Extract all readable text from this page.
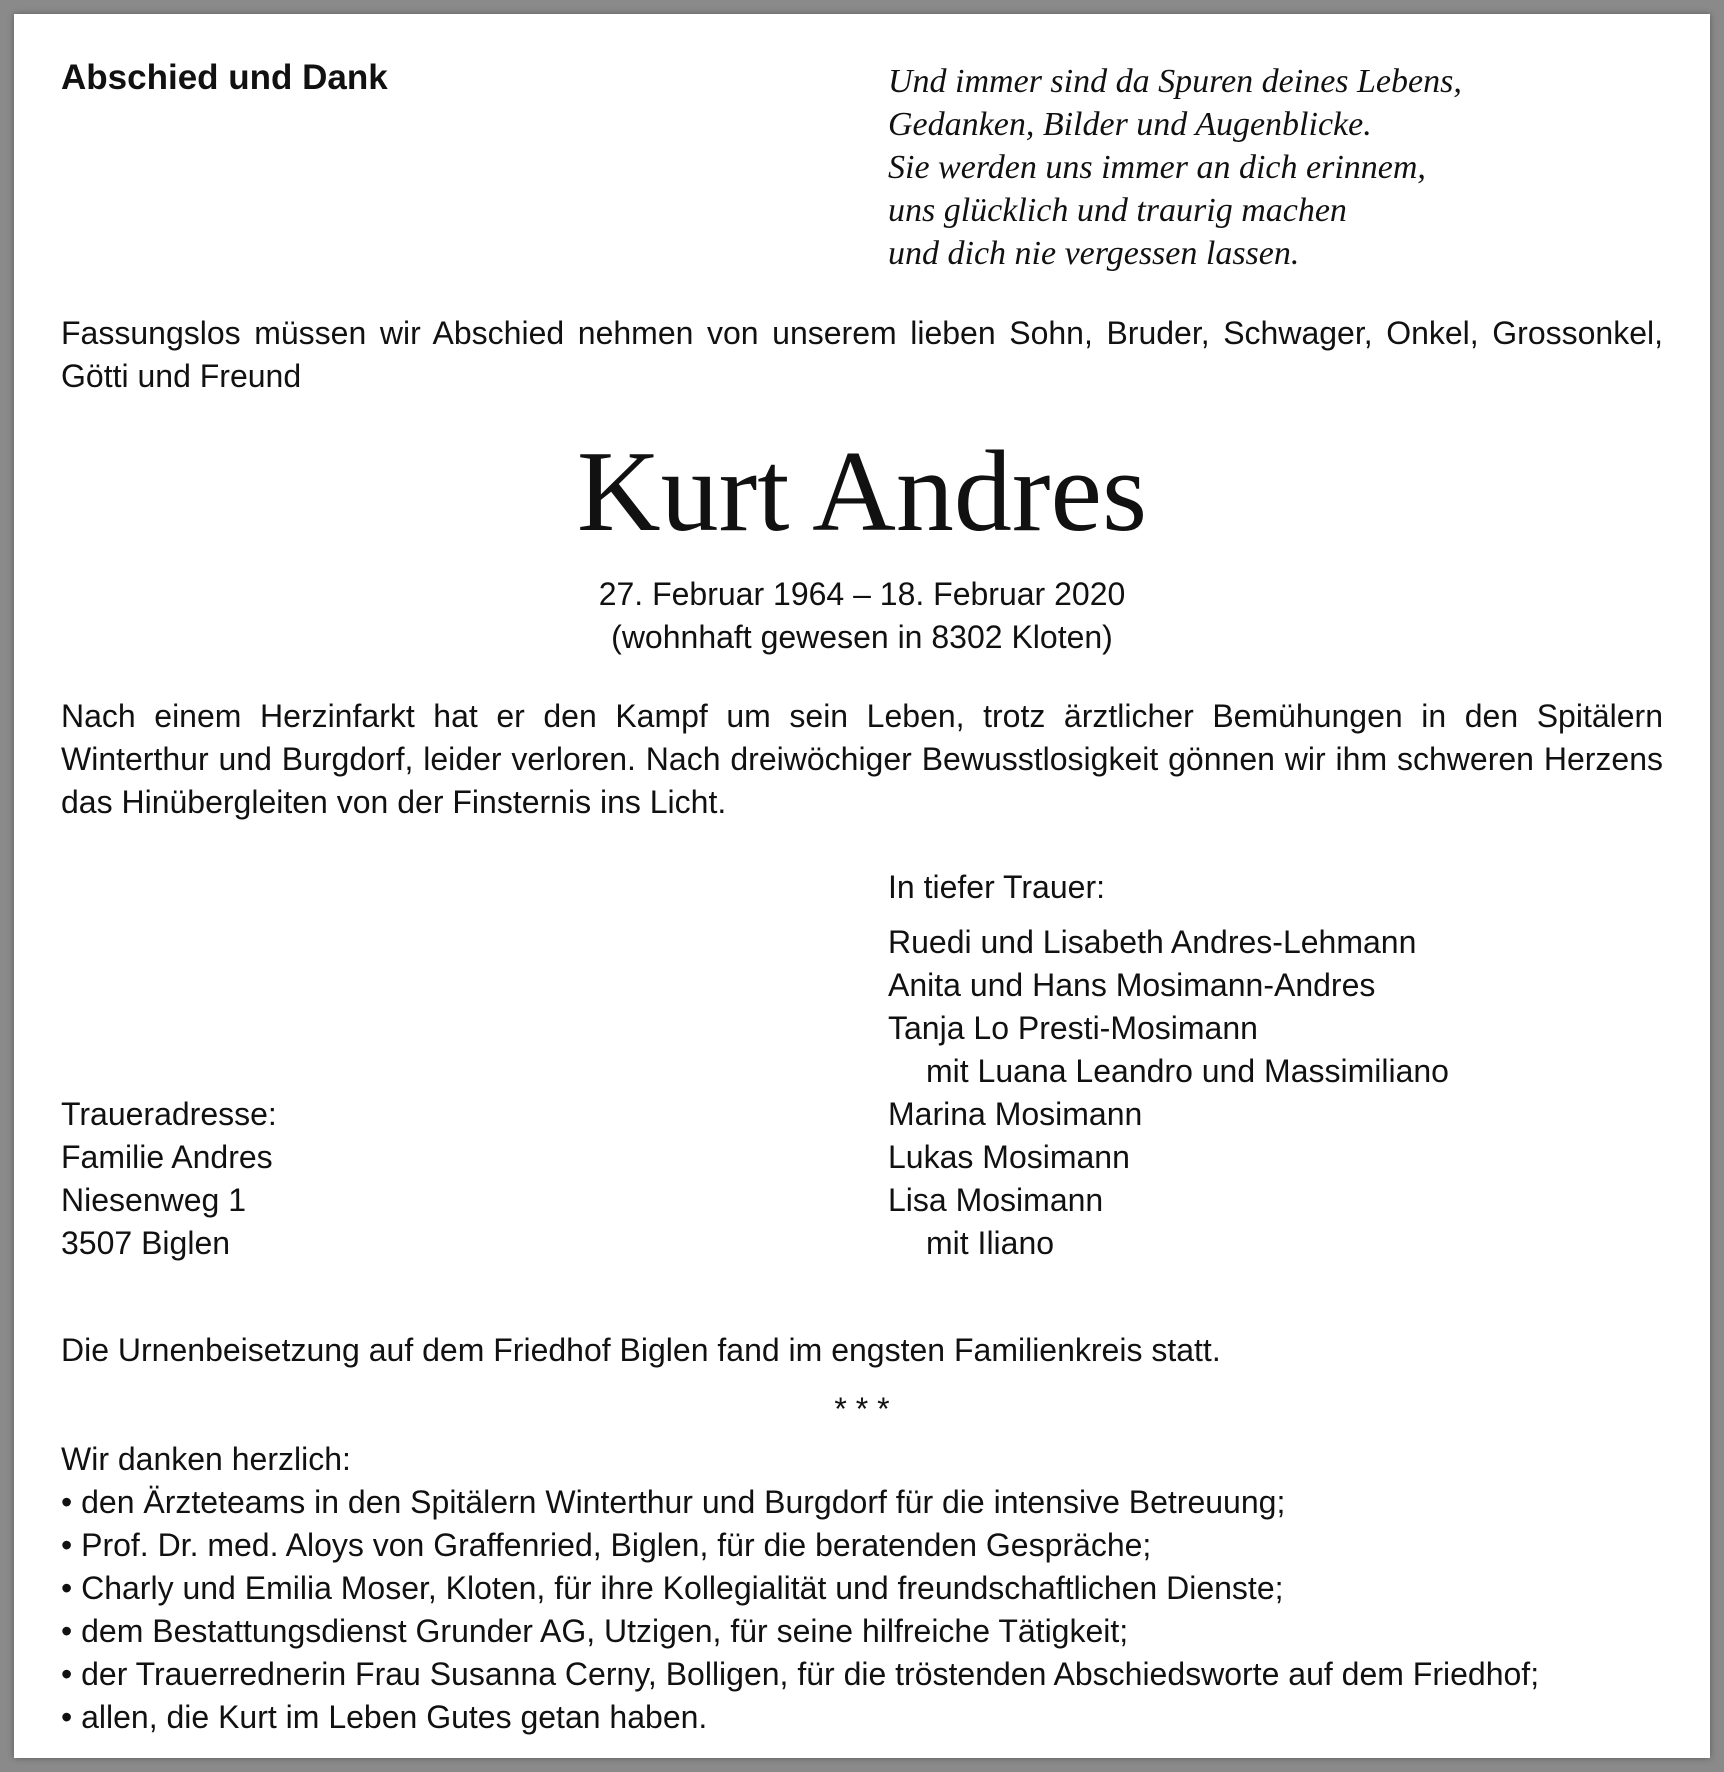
Abschied und Dank	Und immer sind da Spuren deines Lebens,
Gedanken, Bilder und Augenblicke.
Sie werden uns immer an dich erinnem,
uns glücklich und traurig machen
und dich nie vergessen lassen.
Fassungslos müssen wir Abschied nehmen von unserem lieben Sohn, Bruder, Schwager, Onkel, Grossonkel, Götti und Freund
Kurt Andres
27. Februar 1964 – 18. Februar 2020
(wohnhaft gewesen in 8302 Kloten)
Nach einem Herzinfarkt hat er den Kampf um sein Leben, trotz ärztlicher Bemühungen in den Spitälern Winterthur und Burgdorf, leider verloren. Nach dreiwöchiger Bewusstlosigkeit gönnen wir ihm schweren Herzens das Hinübergleiten von der Finsternis ins Licht.
In tiefer Trauer:
Ruedi und Lisabeth Andres-Lehmann
Anita und Hans Mosimann-Andres
Tanja Lo Presti-Mosimann
mit Luana Leandro und Massimiliano
Marina Mosimann
Lukas Mosimann
Lisa Mosimann
mit Iliano
Traueradresse:
Familie Andres
Niesenweg 1
3507 Biglen
Die Urnenbeisetzung auf dem Friedhof Biglen fand im engsten Familienkreis statt.
* * *
Wir danken herzlich:
• den Ärzteteams in den Spitälern Winterthur und Burgdorf für die intensive Betreuung;
• Prof. Dr. med. Aloys von Graffenried, Biglen, für die beratenden Gespräche;
• Charly und Emilia Moser, Kloten, für ihre Kollegialität und freundschaftlichen Dienste;
• dem Bestattungsdienst Grunder AG, Utzigen, für seine hilfreiche Tätigkeit;
• der Trauerrednerin Frau Susanna Cerny, Bolligen, für die tröstenden Abschiedsworte auf dem Friedhof;
• allen, die Kurt im Leben Gutes getan haben.
